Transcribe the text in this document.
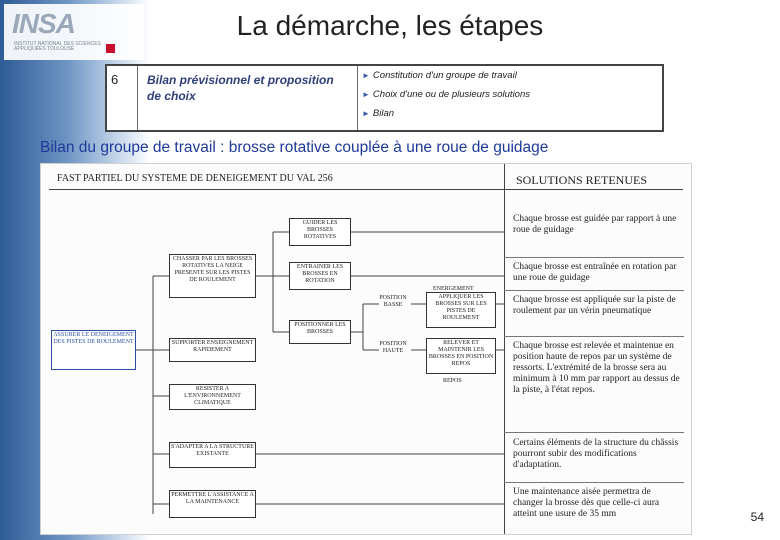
INSA
INSTITUT NATIONAL DES SCIENCES APPLIQUÉES TOULOUSE
La démarche, les étapes
6 Bilan prévisionnel et proposition de choix
► Constitution d'un groupe de travail
► Choix d'une ou de plusieurs solutions
► Bilan
Bilan du groupe de travail : brosse rotative couplée à une roue de guidage
FAST PARTIEL DU SYSTEME DE DENEIGEMENT DU VAL 256	SOLUTIONS RETENUES
ASSURER LE DENEIGEMENT DES PISTES DE ROULEMENT
CHASSER PAR LES BROSSES ROTATIVES LA NEIGE PRESENTE SUR LES PISTES DE ROULEMENT
SUPPORTER ENSEIGNEMENT RAPIDEMENT
RESISTER A L'ENVIRONNEMENT CLIMATIQUE
S'ADAPTER A LA STRUCTURE EXISTANTE
PERMETTRE L'ASSISTANCE A LA MAINTENANCE
GUIDER LES BROSSES ROTATIVES
ENTRAINER LES BROSSES EN ROTATION
POSITIONNER LES BROSSES
POSITION BASSE
POSITION HAUTE
ENERGEMENT
REPOS
APPLIQUER LES BROSSES SUR LES PISTES DE ROULEMENT
RELEVER ET MAINTENIR LES BROSSES EN POSITION REPOS
Chaque brosse est guidée par rapport à une roue de guidage
Chaque brosse est entraînée en rotation par une roue de guidage
Chaque brosse est appliquée sur la piste de roulement par un vérin pneumatique
Chaque brosse est relevée et maintenue en position haute de repos par un système de ressorts. L'extrémité de la brosse sera au minimum à 10 mm par rapport au dessus de la piste, à l'état repos.
Certains éléments de la structure du châssis pourront subir des modifications d'adaptation.
Une maintenance aisée permettra de changer la brosse dès que celle-ci aura atteint une usure de 35 mm	54
